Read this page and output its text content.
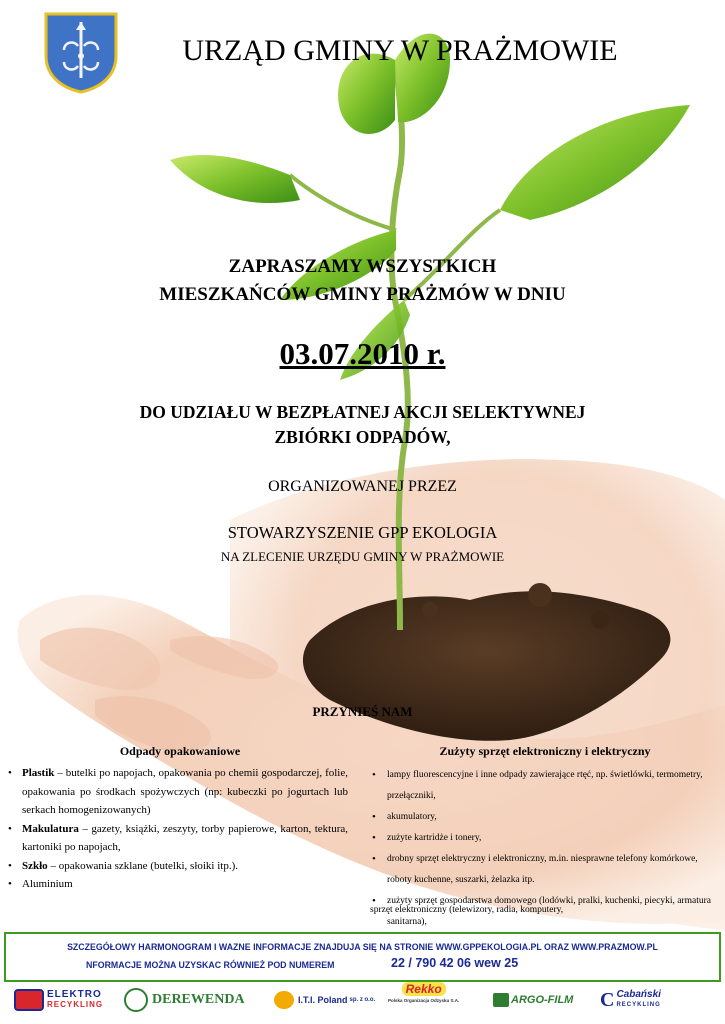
URZĄD GMINY W PRAŻMOWIE
ZAPRASZAMY WSZYSTKICH
MIESZKAŃCÓW GMINY PRAŻMÓW W DNIU
03.07.2010 r.
DO UDZIAŁU W BEZPŁATNEJ AKCJI SELEKTYWNEJ
ZBIÓRKI ODPADÓW,
ORGANIZOWANEJ PRZEZ
STOWARZYSZENIE GPP EKOLOGIA
NA ZLECENIE URZĘDU GMINY W PRAŻMOWIE
PRZYNIEŚ NAM
Odpady opakowaniowe	Zużyty sprzęt elektroniczny i elektryczny
• Plastik – butelki po napojach, opakowania po chemii gospodarczej, folie, opakowania po środkach spożywczych (np: kubeczki po jogurtach lub serkach homogenizowanych)
• Makulatura – gazety, książki, zeszyty, torby papierowe, karton, tektura, kartoniki po napojach,
• Szkło – opakowania szklane (butelki, słoiki itp.).
• Aluminium
• lampy fluorescencyjne i inne odpady zawierające rtęć, np. świetlówki, termometry, przełączniki,
• akumulatory,
• zużyte kartridże i tonery,
• drobny sprzęt elektryczny i elektroniczny, m.in. niesprawne telefony komórkowe, roboty kuchenne, suszarki, żelazka itp.
• zużyty sprzęt gospodarstwa domowego (lodówki, pralki, kuchenki, piecyki, armatura sanitarna),
sprzęt elektroniczny (telewizory, radia, komputery,
SZCZEGÓŁOWY HARMONOGRAM I WAZNE INFORMACJE ZNAJDUJA SIĘ NA STRONIE WWW.GPPEKOLOGIA.PL ORAZ WWW.PRAZMOW.PL
NFORMACJE MOŻNA UZYSKAC RÓWNIEŻ POD NUMEREM	22 / 790 42 06 wew 25
ELEKTRO
RECYKLING	DEREWENDA	I.T.I. Poland sp. z o.o.
Rekko
Polska Organizacja Odzysku S.A.	ARGO-FILM C Cabański
RECYKLING
